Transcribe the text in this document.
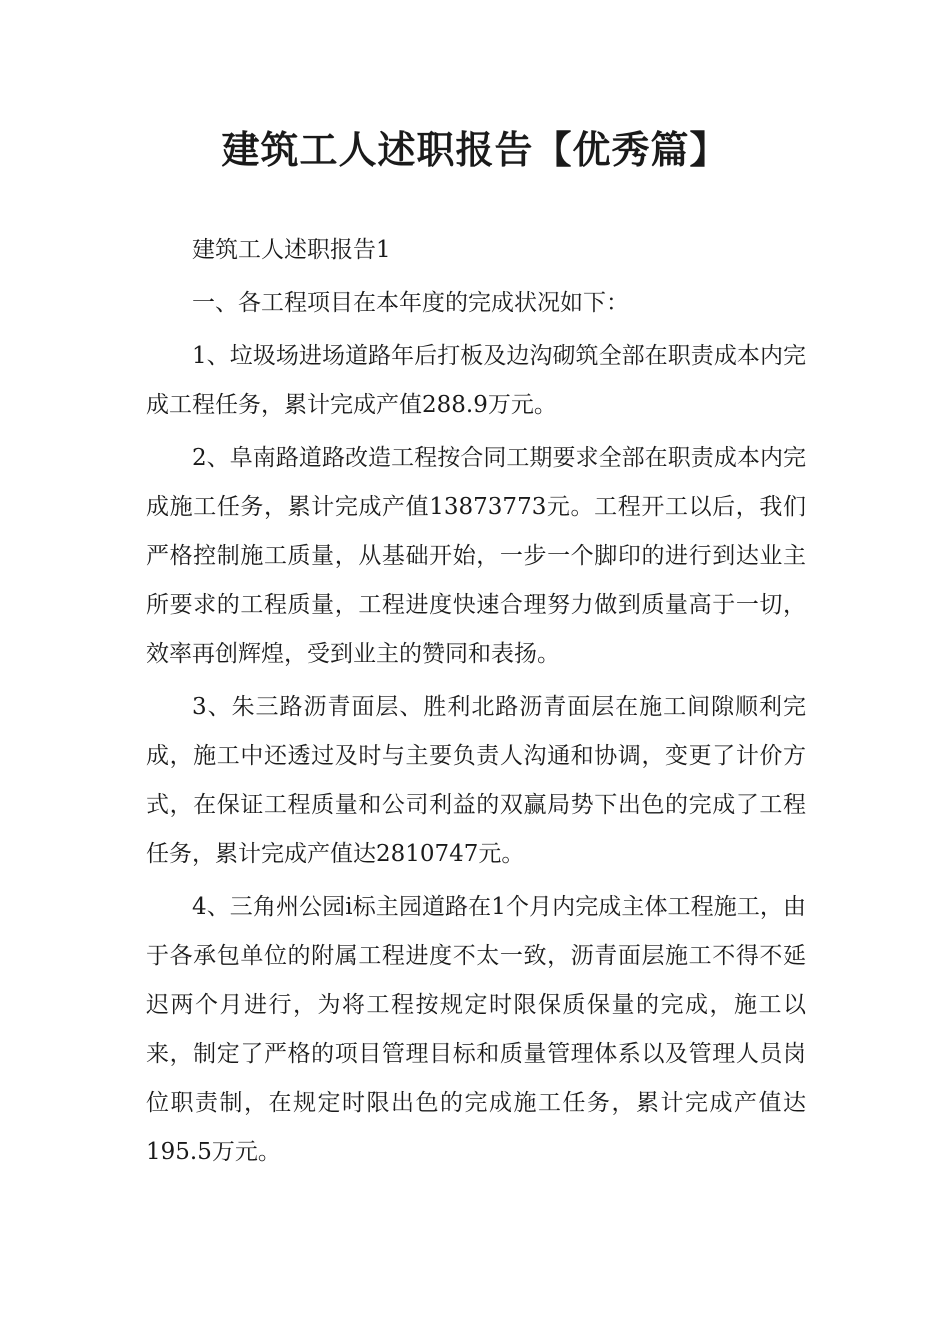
建筑工人述职报告【优秀篇】

建筑工人述职报告1

一、各工程项目在本年度的完成状况如下：

1、垃圾场进场道路年后打板及边沟砌筑全部在职责成本内完成工程任务，累计完成产值288.9万元。

2、阜南路道路改造工程按合同工期要求全部在职责成本内完成施工任务，累计完成产值13873773元。工程开工以后，我们严格控制施工质量，从基础开始，一步一个脚印的进行到达业主所要求的工程质量，工程进度快速合理努力做到质量高于一切，效率再创辉煌，受到业主的赞同和表扬。

3、朱三路沥青面层、胜利北路沥青面层在施工间隙顺利完成，施工中还透过及时与主要负责人沟通和协调，变更了计价方式，在保证工程质量和公司利益的双赢局势下出色的完成了工程任务，累计完成产值达2810747元。

4、三角州公园i标主园道路在1个月内完成主体工程施工，由于各承包单位的附属工程进度不太一致，沥青面层施工不得不延迟两个月进行，为将工程按规定时限保质保量的完成，施工以来，制定了严格的项目管理目标和质量管理体系以及管理人员岗位职责制，在规定时限出色的完成施工任务，累计完成产值达195.5万元。
